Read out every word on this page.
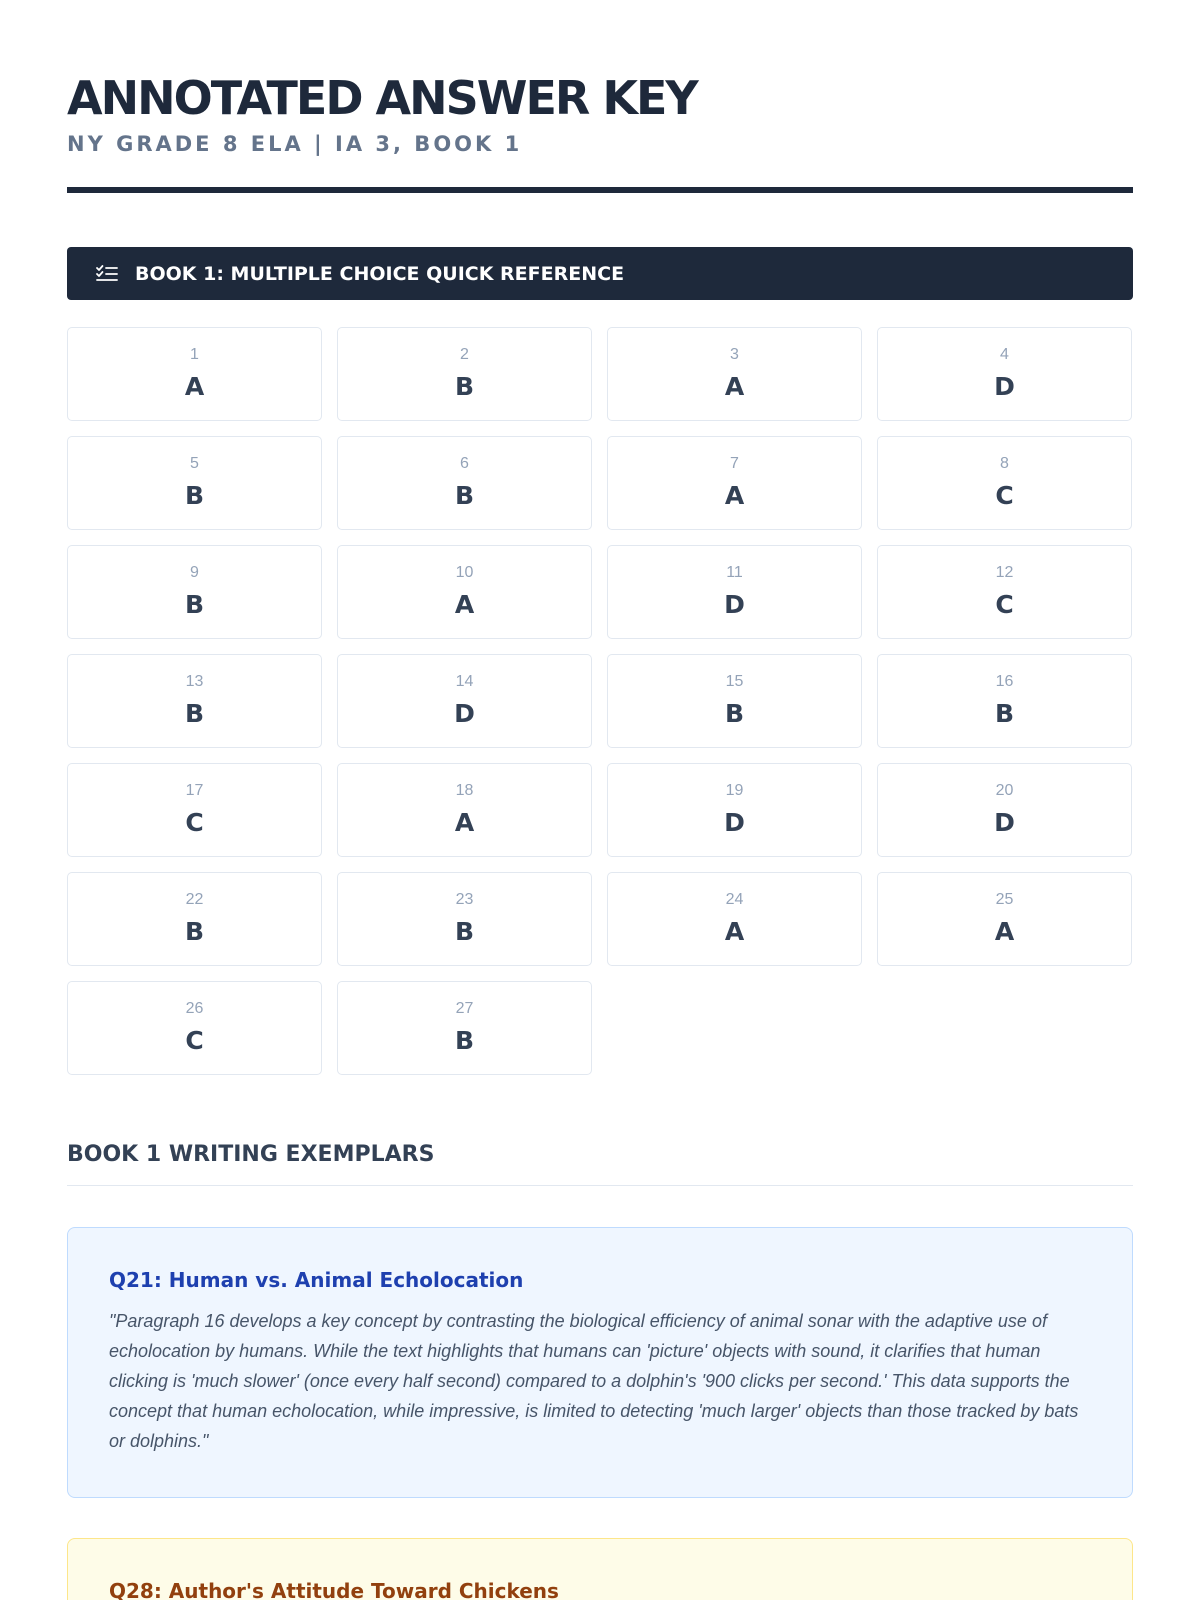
ANNOTATED ANSWER KEY
NY GRADE 8 ELA | IA 3, BOOK 1
BOOK 1: MULTIPLE CHOICE QUICK REFERENCE
1
A
2
B
3
A
4
D
5
B
6
B
7
A
8
C
9
B
10
A
11
D
12
C
13
B
14
D
15
B
16
B
17
C
18
A
19
D
20
D
22
B
23
B
24
A
25
A
26
C
27
B
BOOK 1 WRITING EXEMPLARS
Q21: Human vs. Animal Echolocation

"Paragraph 16 develops a key concept by contrasting the biological efficiency of animal sonar with the adaptive use of echolocation by humans. While the text highlights that humans can 'picture' objects with sound, it clarifies that human clicking is 'much slower' (once every half second) compared to a dolphin's '900 clicks per second.' This data supports the concept that human echolocation, while impressive, is limited to detecting 'much larger' objects than those tracked by bats or dolphins."

Q28: Author's Attitude Toward Chickens
